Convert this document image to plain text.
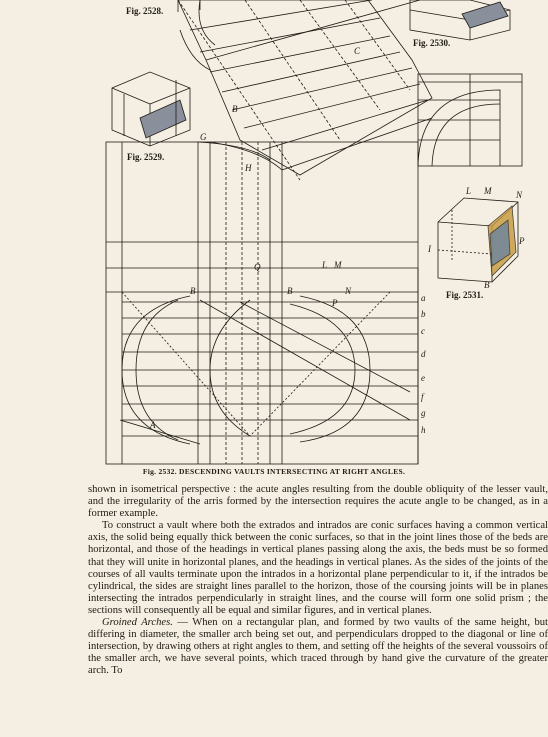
Fig. 2528.
Fig. 2529.
Fig. 2530.
Fig. 2531.
B
C
G
H
L M
N
B	B
Q
A
P	a
b
c
d
e
f
g
h
L M	N
I
P
B
Fig. 2532. DESCENDING VAULTS INTERSECTING AT RIGHT ANGLES.

shown in isometrical perspective : the acute angles resulting from the double obliquity of the lesser vault, and the irregularity of the arris formed by the intersection requires the acute angle to be changed, as in a former example.

To construct a vault where both the extrados and intrados are conic surfaces having a common vertical axis, the solid being equally thick between the conic surfaces, so that in the joint lines those of the beds are horizontal, and those of the headings in vertical planes passing along the axis, the beds must be so formed that they will unite in horizontal planes, and the headings in vertical planes. As the sides of the joints of the courses of all vaults terminate upon the intrados in a horizontal plane perpendicular to it, if the intrados be cylindrical, the sides are straight lines parallel to the horizon, those of the coursing joints will be in planes intersecting the intrados perpendicularly in straight lines, and the course will form one solid prism ; the sections will consequently all be equal and similar figures, and in vertical planes.

Groined Arches. — When on a rectangular plan, and formed by two vaults of the same height, but differing in diameter, the smaller arch being set out, and perpendiculars dropped to the diagonal or line of intersection, by drawing others at right angles to them, and setting off the heights of the several voussoirs of the smaller arch, we have several points, which traced through by hand give the curvature of the greater arch. To
